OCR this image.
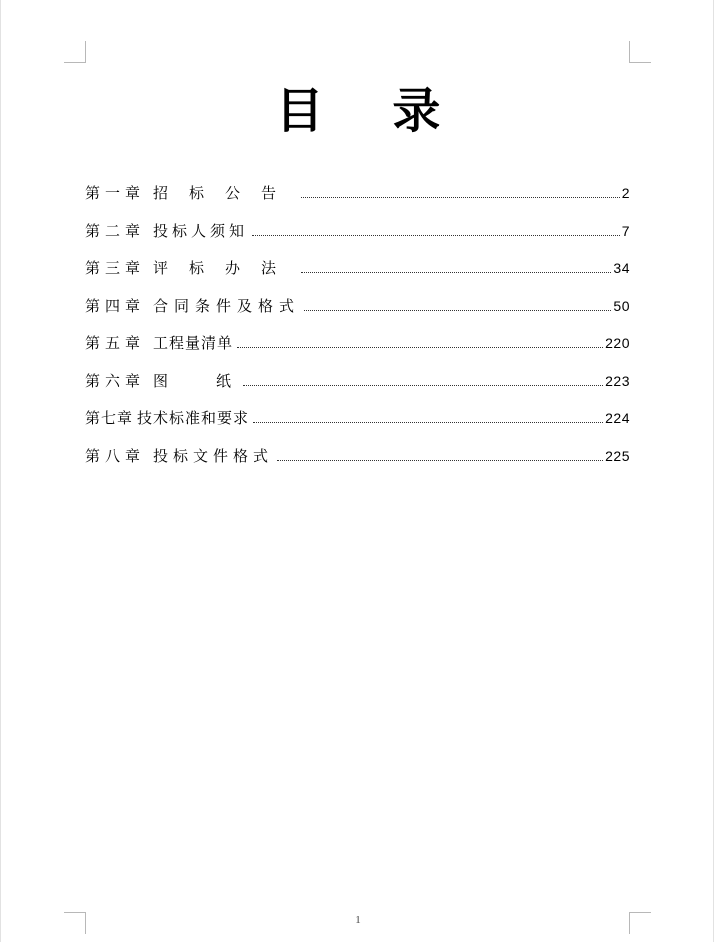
目 录
第一章 招标公告	2
第二章 投标人须知	7
第三章 评标办法	34
第四章 合同条件及格式	50
第五章 工程量清单	220
第六章 图纸	223
第七章 技术标准和要求	224
第八章 投标文件格式	225
1
